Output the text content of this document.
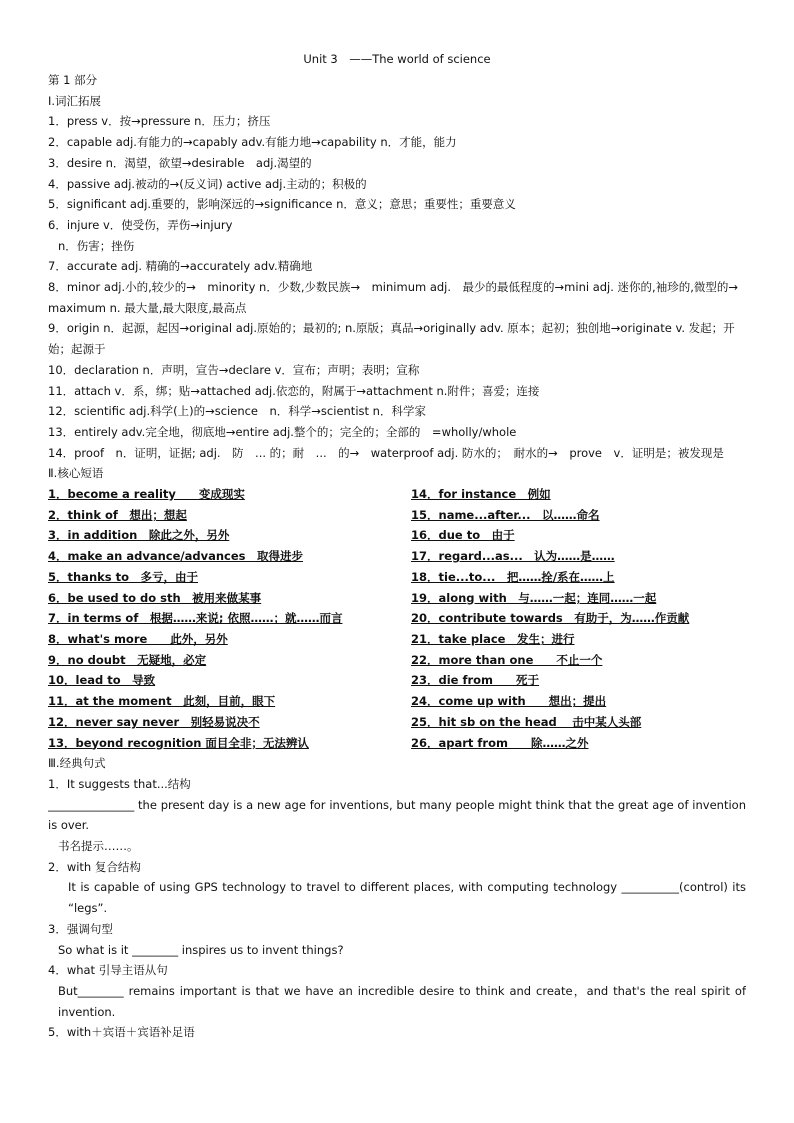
Unit 3　——The world of science
第 1 部分
Ⅰ.词汇拓展
1．press v．按→pressure n．压力；挤压
2．capable adj.有能力的→capably adv.有能力地→capability n．才能，能力
3．desire n．渴望，欲望→desirable　adj.渴望的
4．passive adj.被动的→(反义词) active adj.主动的；积极的
5．significant adj.重要的，影响深远的→significance n．意义；意思；重要性；重要意义
6．injure v．使受伤，弄伤→injury
n．伤害；挫伤
7．accurate adj. 精确的→accurately adv.精确地
8．minor adj.小的,较少的→　minority n．少数,少数民族→　minimum adj.　最少的最低程度的→mini adj. 迷你的,袖珍的,微型的→　maximum n. 最大量,最大限度,最高点
9．origin n．起源，起因→original adj.原始的；最初的; n.原版；真品→originally adv. 原本；起初；独创地→originate v. 发起；开始；起源于
10．declaration n．声明，宣告→declare v．宣布；声明；表明；宣称
11．attach v．系，绑；贴→attached adj.依恋的，附属于→attachment n.附件；喜爱；连接
12．scientific adj.科学(上)的→science　n．科学→scientist n．科学家
13．entirely adv.完全地，彻底地→entire adj.整个的；完全的；全部的　=wholly/whole
14．proof　n．证明，证据; adj.　防　... 的；耐　...　的→　waterproof adj. 防水的；　耐水的→　prove　v．证明是；被发现是
Ⅱ.核心短语
1．become a reality　　变成现实	14．for instance　例如
2．think of　想出；想起	15．name...after...　以……命名
3．in addition　除此之外，另外	16．due to　由于
4．make an advance/advances　取得进步	17．regard...as...　认为……是……
5．thanks to　多亏，由于	18．tie...to...　把……拴/系在……上
6．be used to do sth　被用来做某事	19．along with　与……一起；连同……一起
7．in terms of　根据……来说; 依照……；就……而言	20．contribute towards　有助于，为……作贡献
8．what's more　　此外，另外	21．take place　发生；进行
9．no doubt　无疑地，必定	22．more than one　　不止一个
10．lead to　导致	23．die from　　死于
11．at the moment　此刻，目前，眼下	24．come up with　　想出；提出
12．never say never　别轻易说决不	25．hit sb on the head　 击中某人头部
13．beyond recognition 面目全非；无法辨认	26．apart from　　除……之外
Ⅲ.经典句式
1．It suggests that...结构
_______________ the present day is a new age for inventions, but many people might think that the great age of invention is over.
书名提示……。
2．with 复合结构
It is capable of using GPS technology to travel to different places, with computing technology __________(control) its “legs”.
3．强调句型
So what is it ________ inspires us to invent things?
4．what 引导主语从句
But________ remains important is that we have an incredible desire to think and create，and that's the real spirit of invention.
5．with＋宾语＋宾语补足语
